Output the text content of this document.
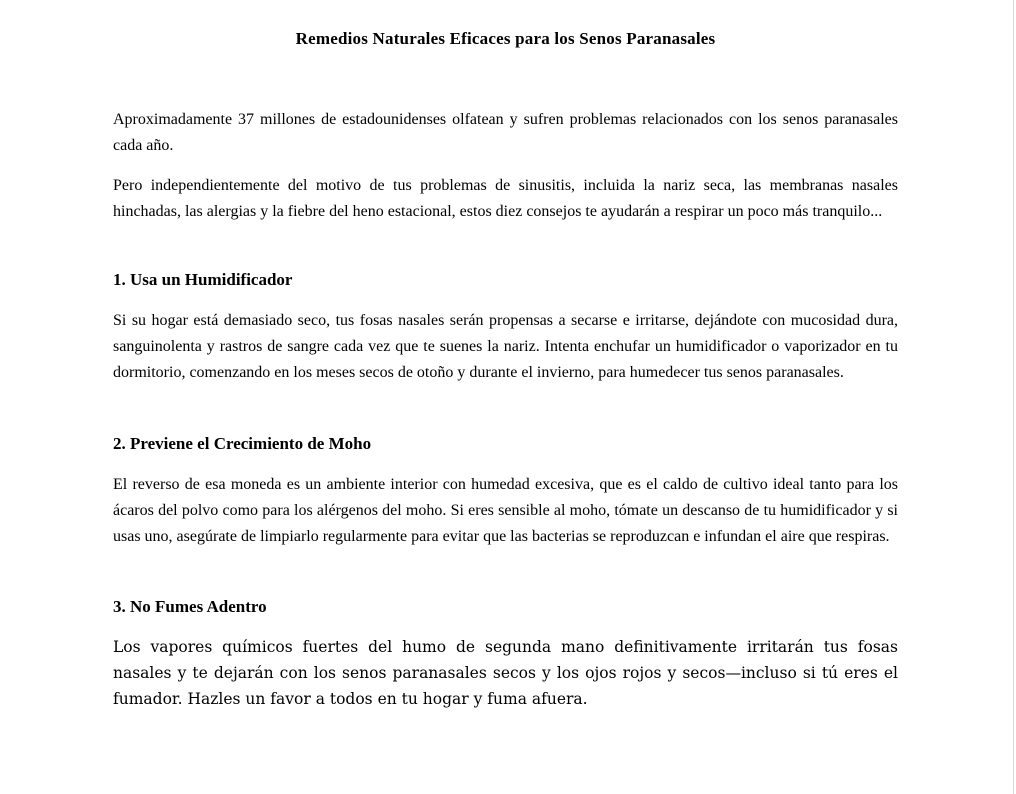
Remedios Naturales Eficaces para los Senos Paranasales

Aproximadamente 37 millones de estadounidenses olfatean y sufren problemas relacionados con los senos paranasales cada año.

Pero independientemente del motivo de tus problemas de sinusitis, incluida la nariz seca, las membranas nasales hinchadas, las alergias y la fiebre del heno estacional, estos diez consejos te ayudarán a respirar un poco más tranquilo...

1. Usa un Humidificador

Si su hogar está demasiado seco, tus fosas nasales serán propensas a secarse e irritarse, dejándote con mucosidad dura, sanguinolenta y rastros de sangre cada vez que te suenes la nariz. Intenta enchufar un humidificador o vaporizador en tu dormitorio, comenzando en los meses secos de otoño y durante el invierno, para humedecer tus senos paranasales.

2. Previene el Crecimiento de Moho

El reverso de esa moneda es un ambiente interior con humedad excesiva, que es el caldo de cultivo ideal tanto para los ácaros del polvo como para los alérgenos del moho. Si eres sensible al moho, tómate un descanso de tu humidificador y si usas uno, asegúrate de limpiarlo regularmente para evitar que las bacterias se reproduzcan e infundan el aire que respiras.

3. No Fumes Adentro

Los vapores químicos fuertes del humo de segunda mano definitivamente irritarán tus fosas nasales y te dejarán con los senos paranasales secos y los ojos rojos y secos—incluso si tú eres el fumador. Hazles un favor a todos en tu hogar y fuma afuera.
